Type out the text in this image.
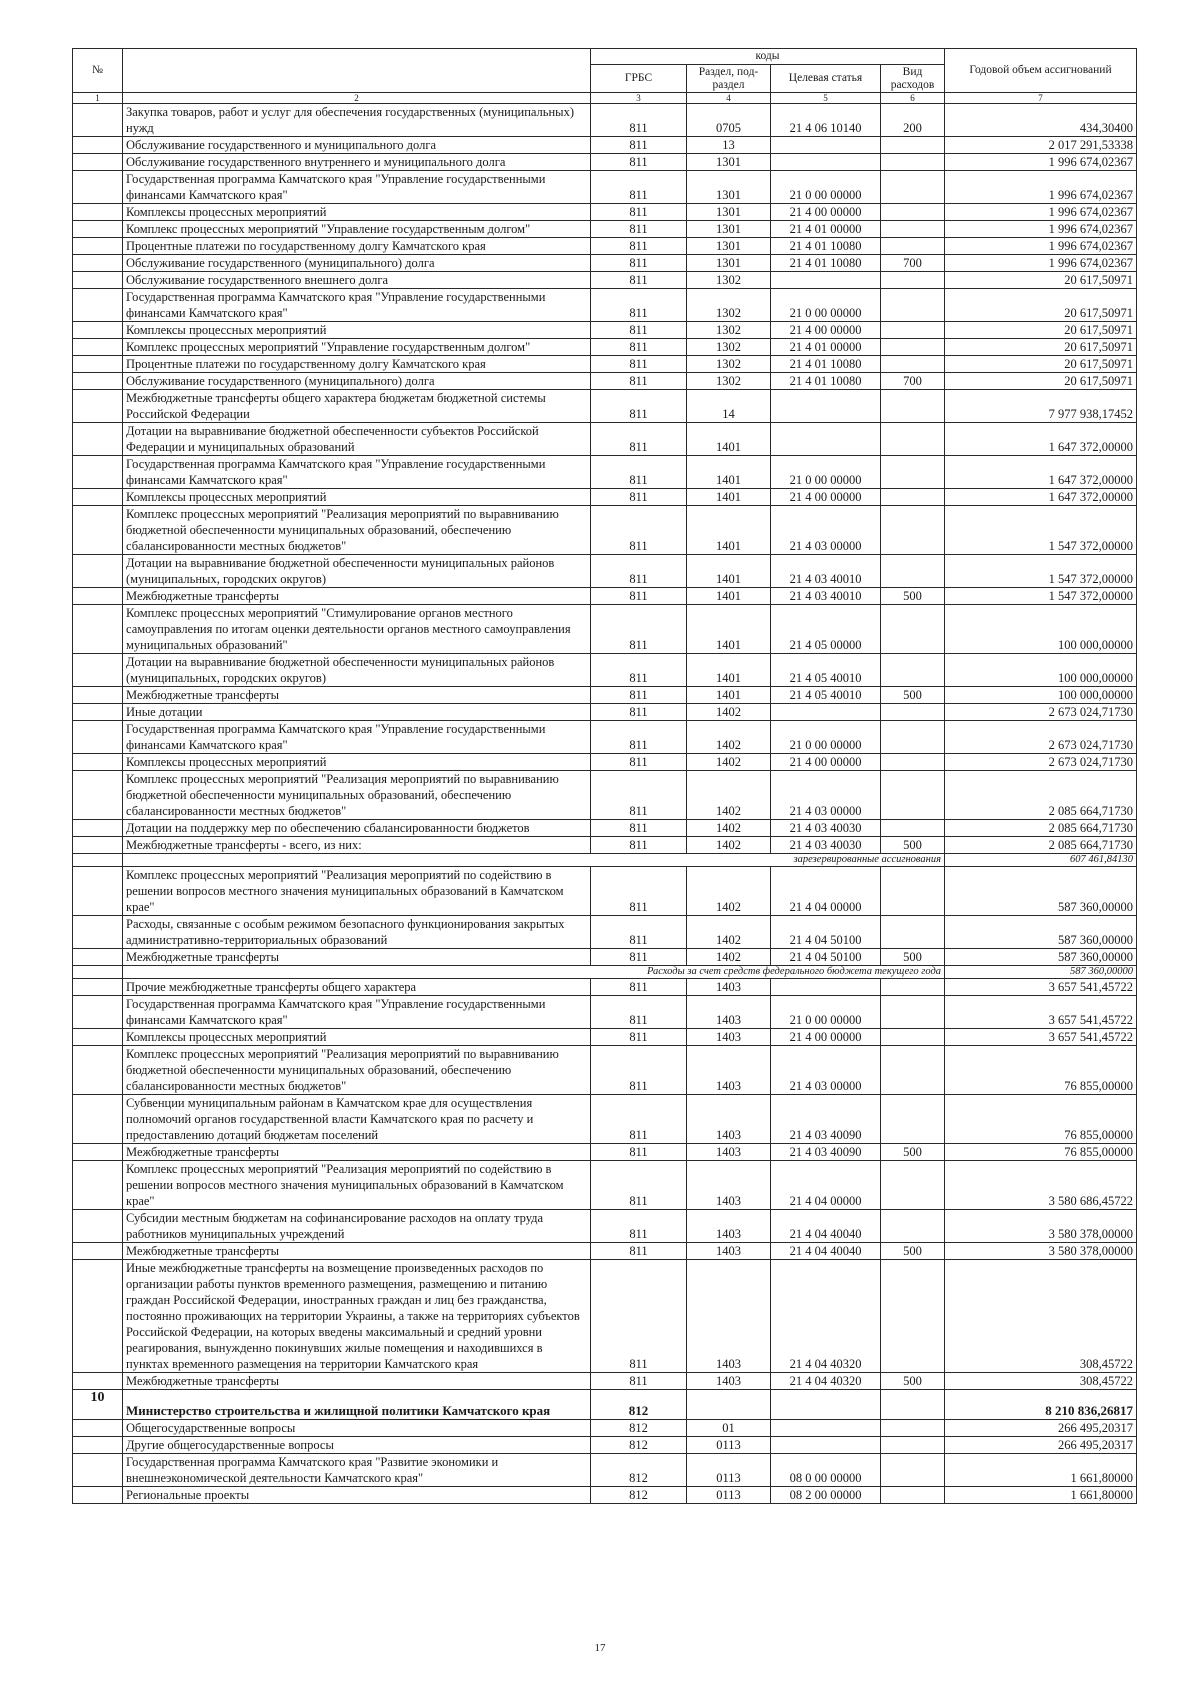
№		коды				Годовой объем ассигнований
		ГРБС	Раздел, под-раздел	Целевая статья	Вид расходов	
1	2	3	4	5	6	7
	Закупка товаров, работ и услуг для обеспечения государственных (муниципальных) нужд	811	0705	21 4 06 10140	200	434,30400
	Обслуживание государственного и муниципального долга	811	13			2 017 291,53338
	Обслуживание государственного внутреннего и муниципального долга	811	1301			1 996 674,02367
	Государственная программа Камчатского края "Управление государственными финансами Камчатского края"	811	1301	21 0 00 00000		1 996 674,02367
	Комплексы процессных мероприятий	811	1301	21 4 00 00000		1 996 674,02367
	Комплекс процессных мероприятий "Управление государственным долгом"	811	1301	21 4 01 00000		1 996 674,02367
	Процентные платежи по государственному долгу Камчатского края	811	1301	21 4 01 10080		1 996 674,02367
	Обслуживание государственного (муниципального) долга	811	1301	21 4 01 10080	700	1 996 674,02367
	Обслуживание государственного внешнего долга	811	1302			20 617,50971
	Государственная программа Камчатского края "Управление государственными финансами Камчатского края"	811	1302	21 0 00 00000		20 617,50971
	Комплексы процессных мероприятий	811	1302	21 4 00 00000		20 617,50971
	Комплекс процессных мероприятий "Управление государственным долгом"	811	1302	21 4 01 00000		20 617,50971
	Процентные платежи по государственному долгу Камчатского края	811	1302	21 4 01 10080		20 617,50971
	Обслуживание государственного (муниципального) долга	811	1302	21 4 01 10080	700	20 617,50971
	Межбюджетные трансферты общего характера бюджетам бюджетной системы Российской Федерации	811	14			7 977 938,17452
	Дотации на выравнивание бюджетной обеспеченности субъектов Российской Федерации и муниципальных образований	811	1401			1 647 372,00000
	Государственная программа Камчатского края "Управление государственными финансами Камчатского края"	811	1401	21 0 00 00000		1 647 372,00000
	Комплексы процессных мероприятий	811	1401	21 4 00 00000		1 647 372,00000
	Комплекс процессных мероприятий "Реализация мероприятий по выравниванию бюджетной обеспеченности муниципальных образований, обеспечению сбалансированности местных бюджетов"	811	1401	21 4 03 00000		1 547 372,00000
	Дотации на выравнивание бюджетной обеспеченности муниципальных районов (муниципальных, городских округов)	811	1401	21 4 03 40010		1 547 372,00000
	Межбюджетные трансферты	811	1401	21 4 03 40010	500	1 547 372,00000
	Комплекс процессных мероприятий "Стимулирование органов местного самоуправления по итогам оценки деятельности органов местного самоуправления муниципальных образований"	811	1401	21 4 05 00000		100 000,00000
	Дотации на выравнивание бюджетной обеспеченности муниципальных районов (муниципальных, городских округов)	811	1401	21 4 05 40010		100 000,00000
	Межбюджетные трансферты	811	1401	21 4 05 40010	500	100 000,00000
	Иные дотации	811	1402			2 673 024,71730
	Государственная программа Камчатского края "Управление государственными финансами Камчатского края"	811	1402	21 0 00 00000		2 673 024,71730
	Комплексы процессных мероприятий	811	1402	21 4 00 00000		2 673 024,71730
	Комплекс процессных мероприятий "Реализация мероприятий по выравниванию бюджетной обеспеченности муниципальных образований, обеспечению сбалансированности местных бюджетов"	811	1402	21 4 03 00000		2 085 664,71730
	Дотации на поддержку мер по обеспечению сбалансированности бюджетов	811	1402	21 4 03 40030		2 085 664,71730
	Межбюджетные трансферты - всего, из них:	811	1402	21 4 03 40030	500	2 085 664,71730
	зарезервированные ассигнования					607 461,84130
	Комплекс процессных мероприятий "Реализация мероприятий по содействию в решении вопросов местного значения муниципальных образований в Камчатском крае"	811	1402	21 4 04 00000		587 360,00000
	Расходы, связанные с особым режимом безопасного функционирования закрытых административно-территориальных образований	811	1402	21 4 04 50100		587 360,00000
	Межбюджетные трансферты	811	1402	21 4 04 50100	500	587 360,00000
	Расходы за счет средств федерального бюджета текущего года					587 360,00000
	Прочие межбюджетные трансферты общего характера	811	1403			3 657 541,45722
	Государственная программа Камчатского края "Управление государственными финансами Камчатского края"	811	1403	21 0 00 00000		3 657 541,45722
	Комплексы процессных мероприятий	811	1403	21 4 00 00000		3 657 541,45722
	Комплекс процессных мероприятий "Реализация мероприятий по выравниванию бюджетной обеспеченности муниципальных образований, обеспечению сбалансированности местных бюджетов"	811	1403	21 4 03 00000		76 855,00000
	Субвенции муниципальным районам в Камчатском крае для осуществления полномочий органов государственной власти Камчатского края по расчету и предоставлению дотаций бюджетам поселений	811	1403	21 4 03 40090		76 855,00000
	Межбюджетные трансферты	811	1403	21 4 03 40090	500	76 855,00000
	Комплекс процессных мероприятий "Реализация мероприятий по содействию в решении вопросов местного значения муниципальных образований в Камчатском крае"	811	1403	21 4 04 00000		3 580 686,45722
	Субсидии местным бюджетам на софинансирование расходов на оплату труда работников муниципальных учреждений	811	1403	21 4 04 40040		3 580 378,00000
	Межбюджетные трансферты	811	1403	21 4 04 40040	500	3 580 378,00000
	Иные межбюджетные трансферты на возмещение произведенных расходов по организации работы пунктов временного размещения, размещению и питанию граждан Российской Федерации, иностранных граждан и лиц без гражданства, постоянно проживающих на территории Украины, а также на территориях субъектов Российской Федерации, на которых введены максимальный и средний уровни реагирования, вынужденно покинувших жилые помещения и находившихся в пунктах временного размещения на территории Камчатского края	811	1403	21 4 04 40320		308,45722
	Межбюджетные трансферты	811	1403	21 4 04 40320	500	308,45722
10	Министерство строительства и жилищной политики Камчатского края	812				8 210 836,26817
	Общегосударственные вопросы	812	01			266 495,20317
	Другие общегосударственные вопросы	812	0113			266 495,20317
	Государственная программа Камчатского края "Развитие экономики и внешнеэкономической деятельности Камчатского края"	812	0113	08 0 00 00000		1 661,80000
	Региональные проекты	812	0113	08 2 00 00000		1 661,80000
17
